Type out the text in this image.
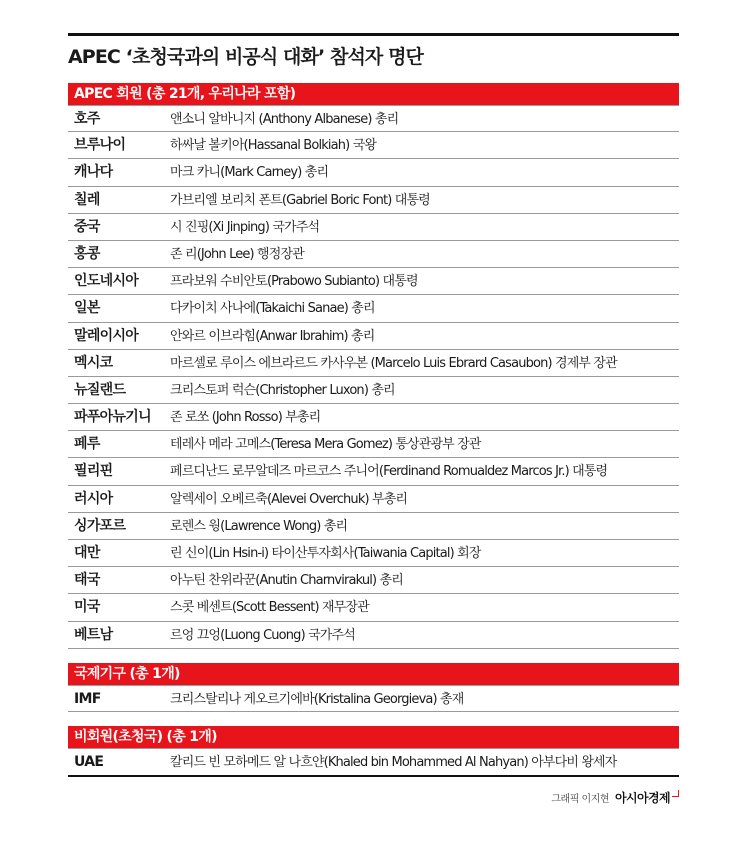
APEC ‘초청국과의 비공식 대화’ 참석자 명단
APEC 회원 (총 21개, 우리나라 포함)
호주	앤소니 알바니지 (Anthony Albanese) 총리
브루나이	하싸날 볼키아(Hassanal Bolkiah) 국왕
캐나다	마크 카니(Mark Carney) 총리
칠레	가브리엘 보리치 폰트(Gabriel Boric Font) 대통령
중국	시 진핑(Xi Jinping) 국가주석
홍콩	존 리(John Lee) 행정장관
인도네시아	프라보워 수비안토(Prabowo Subianto) 대통령
일본	다카이치 사나에(Takaichi Sanae) 총리
말레이시아	안와르 이브라힘(Anwar Ibrahim) 총리
멕시코	마르셀로 루이스 에브라르드 카사우본 (Marcelo Luis Ebrard Casaubon) 경제부 장관
뉴질랜드	크리스토퍼 럭슨(Christopher Luxon) 총리
파푸아뉴기니	존 로쏘 (John Rosso) 부총리
페루	테레사 메라 고메스(Teresa Mera Gomez) 통상관광부 장관
필리핀	페르디난드 로무알데즈 마르코스 주니어(Ferdinand Romualdez Marcos Jr.) 대통령
러시아	알렉세이 오베르축(Alevei Overchuk) 부총리
싱가포르	로렌스 웡(Lawrence Wong) 총리
대만	린 신이(Lin Hsin-i) 타이산투자회사(Taiwania Capital) 회장
태국	아누틴 찬위라꾼(Anutin Charnvirakul) 총리
미국	스콧 베센트(Scott Bessent) 재무장관
베트남	르엉 끄엉(Luong Cuong) 국가주석
국제기구 (총 1개)
IMF	크리스탈리나 게오르기에바(Kristalina Georgieva) 총재
비회원(초청국) (총 1개)
UAE	칼리드 빈 모하메드 알 나흐얀(Khaled bin Mohammed Al Nahyan) 아부다비 왕세자
그래픽 이지현 아시아경제
